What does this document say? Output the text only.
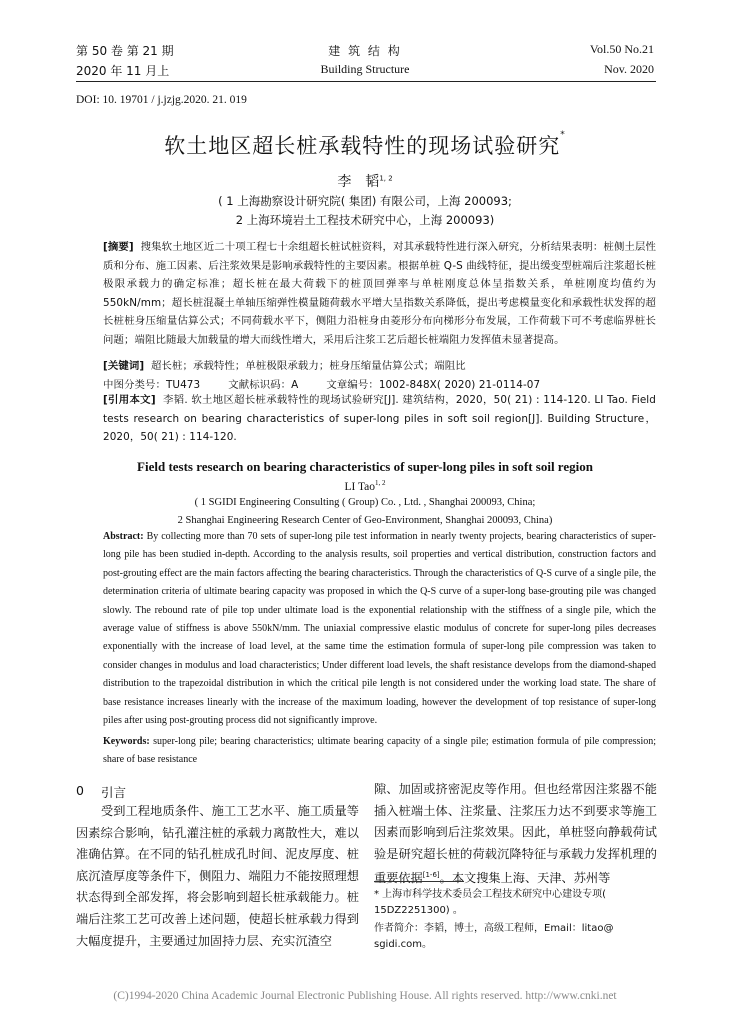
第 50 卷 第 21 期
2020 年 11 月上
建 筑 结 构
Building Structure
Vol.50 No.21
Nov. 2020
DOI: 10. 19701 / j.jzjg.2020. 21. 019
软土地区超长桩承载特性的现场试验研究*
李　韬$^{1, 2}$
( 1 上海勘察设计研究院( 集团) 有限公司，上海 200093;
2 上海环境岩土工程技术研究中心，上海 200093)
[摘要] 搜集软土地区近二十项工程七十余组超长桩试桩资料，对其承载特性进行深入研究，分析结果表明：桩侧土层性质和分布、施工因素、后注浆效果是影响承载特性的主要因素。根据单桩 Q-S 曲线特征，提出缓变型桩端后注浆超长桩极限承载力的确定标准；超长桩在最大荷载下的桩顶回弹率与单桩刚度总体呈指数关系，单桩刚度均值约为 550kN/mm；超长桩混凝土单轴压缩弹性模量随荷载水平增大呈指数关系降低，提出考虑模量变化和承载性状发挥的超长桩桩身压缩量估算公式；不同荷载水平下，侧阻力沿桩身由菱形分布向梯形分布发展，工作荷载下可不考虑临界桩长问题；端阻比随最大加载量的增大而线性增大，采用后注浆工艺后超长桩端阻力发挥值未显著提高。
[关键词] 超长桩；承载特性；单桩极限承载力；桩身压缩量估算公式；端阻比
中图分类号：TU473	文献标识码：A	文章编号：1002-848X( 2020) 21-0114-07
[引用本文] 李韬. 软土地区超长桩承载特性的现场试验研究[J]. 建筑结构，2020，50( 21) : 114-120. LI Tao. Field tests research on bearing characteristics of super-long piles in soft soil region[J]. Building Structure，2020，50( 21) : 114-120.
Field tests research on bearing characteristics of super-long piles in soft soil region
LI Tao$^{1, 2}$
( 1 SGIDI Engineering Consulting ( Group) Co. , Ltd. , Shanghai 200093, China;
2 Shanghai Engineering Research Center of Geo-Environment, Shanghai 200093, China)
Abstract: By collecting more than 70 sets of super-long pile test information in nearly twenty projects, bearing characteristics of super-long pile has been studied in-depth. According to the analysis results, soil properties and vertical distribution, construction factors and post-grouting effect are the main factors affecting the bearing characteristics. Through the characteristics of Q-S curve of a single pile, the determination criteria of ultimate bearing capacity was proposed in which the Q-S curve of a super-long base-grouting pile was changed slowly. The rebound rate of pile top under ultimate load is the exponential relationship with the stiffness of a single pile, which the average value of stiffness is above 550kN/mm. The uniaxial compressive elastic modulus of concrete for super-long piles decreases exponentially with the increase of load level, at the same time the estimation formula of super-long pile compression was taken to consider changes in modulus and load characteristics; Under different load levels, the shaft resistance develops from the diamond-shaped distribution to the trapezoidal distribution in which the critical pile length is not considered under the working load state. The share of base resistance increases linearly with the increase of the maximum loading, however the development of top resistance of super-long piles after using post-grouting process did not significantly improve.
Keywords: super-long pile; bearing characteristics; ultimate bearing capacity of a single pile; estimation formula of pile compression; share of base resistance
0 引言
受到工程地质条件、施工工艺水平、施工质量等因素综合影响，钻孔灌注桩的承载力离散性大，难以准确估算。在不同的钻孔桩成孔时间、泥皮厚度、桩底沉渣厚度等条件下，侧阻力、端阻力不能按照理想状态得到全部发挥，将会影响到超长桩承载能力。桩端后注浆工艺可改善上述问题，使超长桩承载力得到大幅度提升，主要通过加固持力层、充实沉渣空
隙、加固或挤密泥皮等作用。但也经常因注浆器不能插入桩端土体、注浆量、注浆压力达不到要求等施工因素而影响到后注浆效果。因此，单桩竖向静载荷试验是研究超长桩的荷载沉降特征与承载力发挥机理的重要依据[1-6]。本文搜集上海、天津、苏州等
* 上海市科学技术委员会工程技术研究中心建设专项( 15DZ2251300) 。
作者简介：李韬，博士，高级工程师，Email：litao@ sgidi.com。
(C)1994-2020 China Academic Journal Electronic Publishing House. All rights reserved. http://www.cnki.net
